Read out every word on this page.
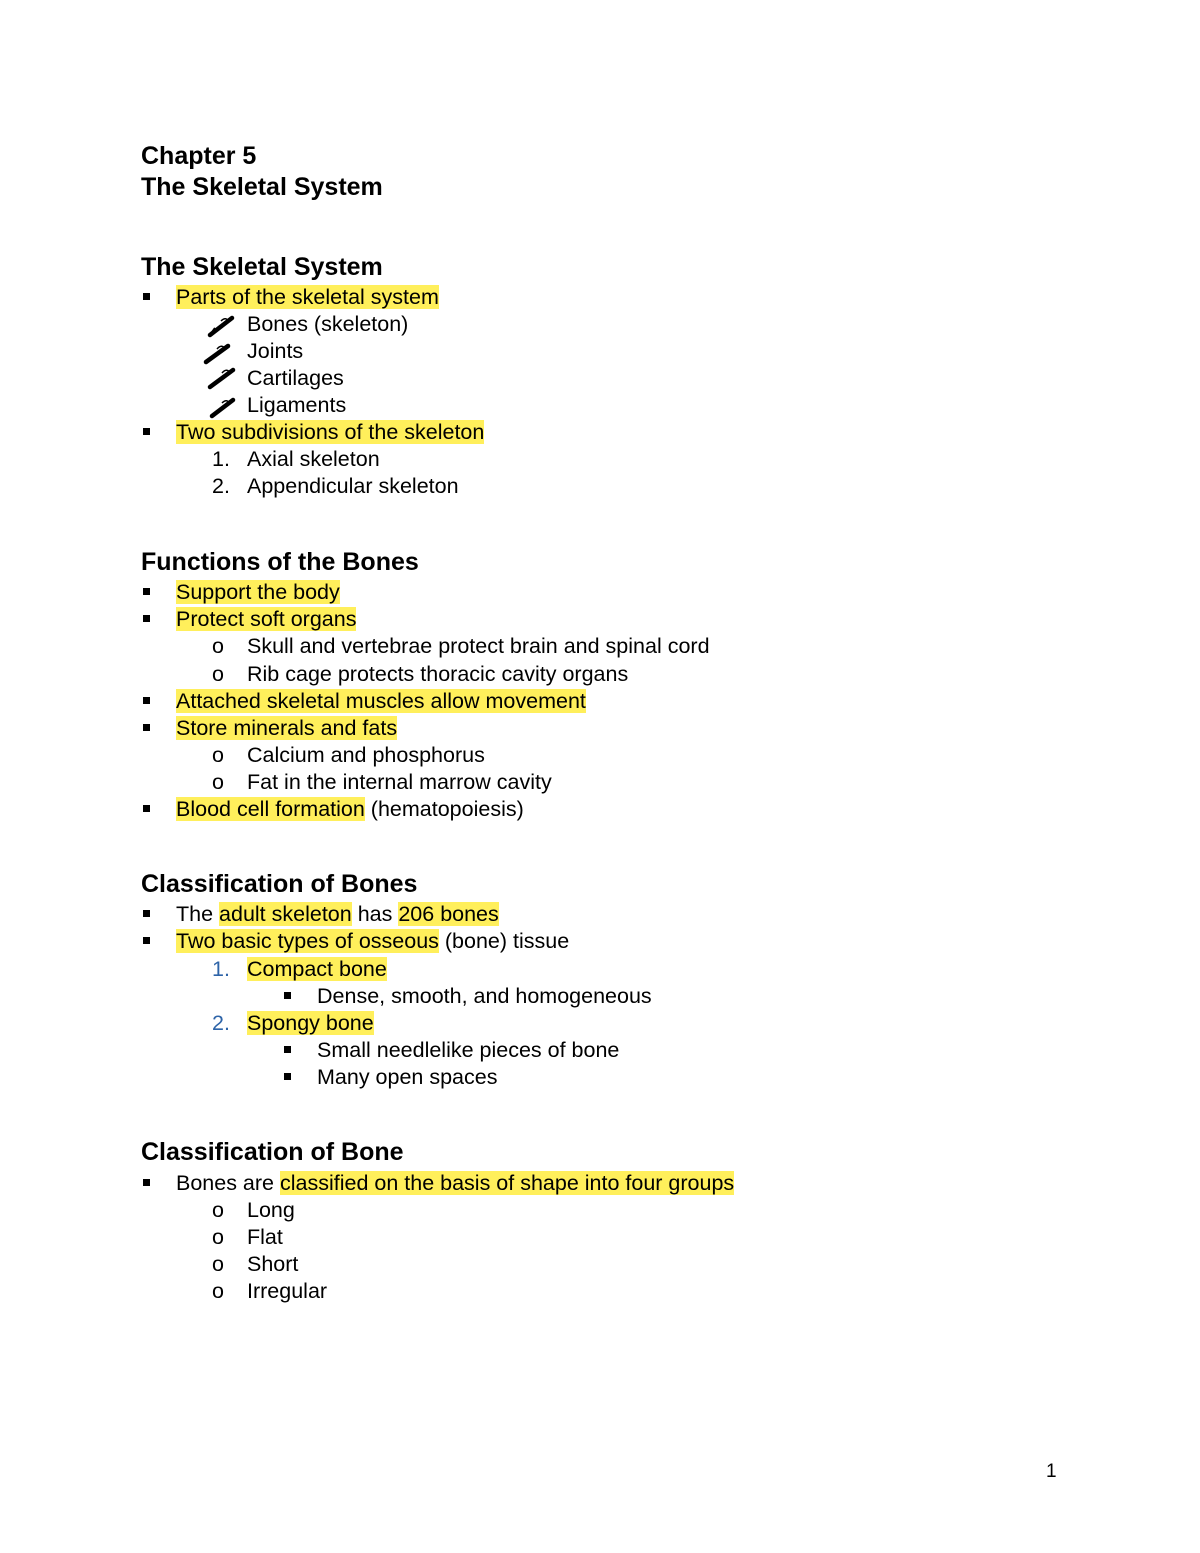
Chapter 5
The Skeletal System
The Skeletal System
Parts of the skeletal system
Bones (skeleton)
Joints
Cartilages
Ligaments
Two subdivisions of the skeleton
1. Axial skeleton
2. Appendicular skeleton
Functions of the Bones
Support the body
Protect soft organs
o Skull and vertebrae protect brain and spinal cord
o Rib cage protects thoracic cavity organs
Attached skeletal muscles allow movement
Store minerals and fats
o Calcium and phosphorus
o Fat in the internal marrow cavity
Blood cell formation (hematopoiesis)
Classification of Bones
The adult skeleton has 206 bones
Two basic types of osseous (bone) tissue
1. Compact bone
Dense, smooth, and homogeneous
2. Spongy bone
Small needlelike pieces of bone
Many open spaces
Classification of Bone
Bones are classified on the basis of shape into four groups
o Long
o Flat
o Short
o Irregular
1
